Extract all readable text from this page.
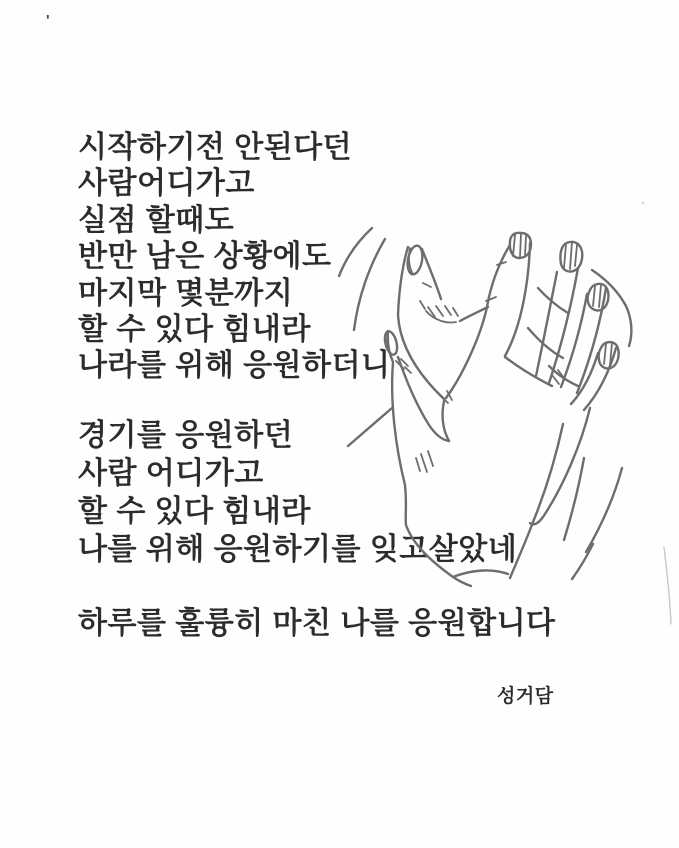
'
시작하기전 안된다던
사람어디가고
실점 할때도
반만 남은 상황에도
마지막 몇분까지
할 수 있다 힘내라
나라를 위해 응원하더니
경기를 응원하던
사람 어디가고
할 수 있다 힘내라
나를 위해 응원하기를 잊고살았네
하루를 훌륭히 마친 나를 응원합니다
성거담
